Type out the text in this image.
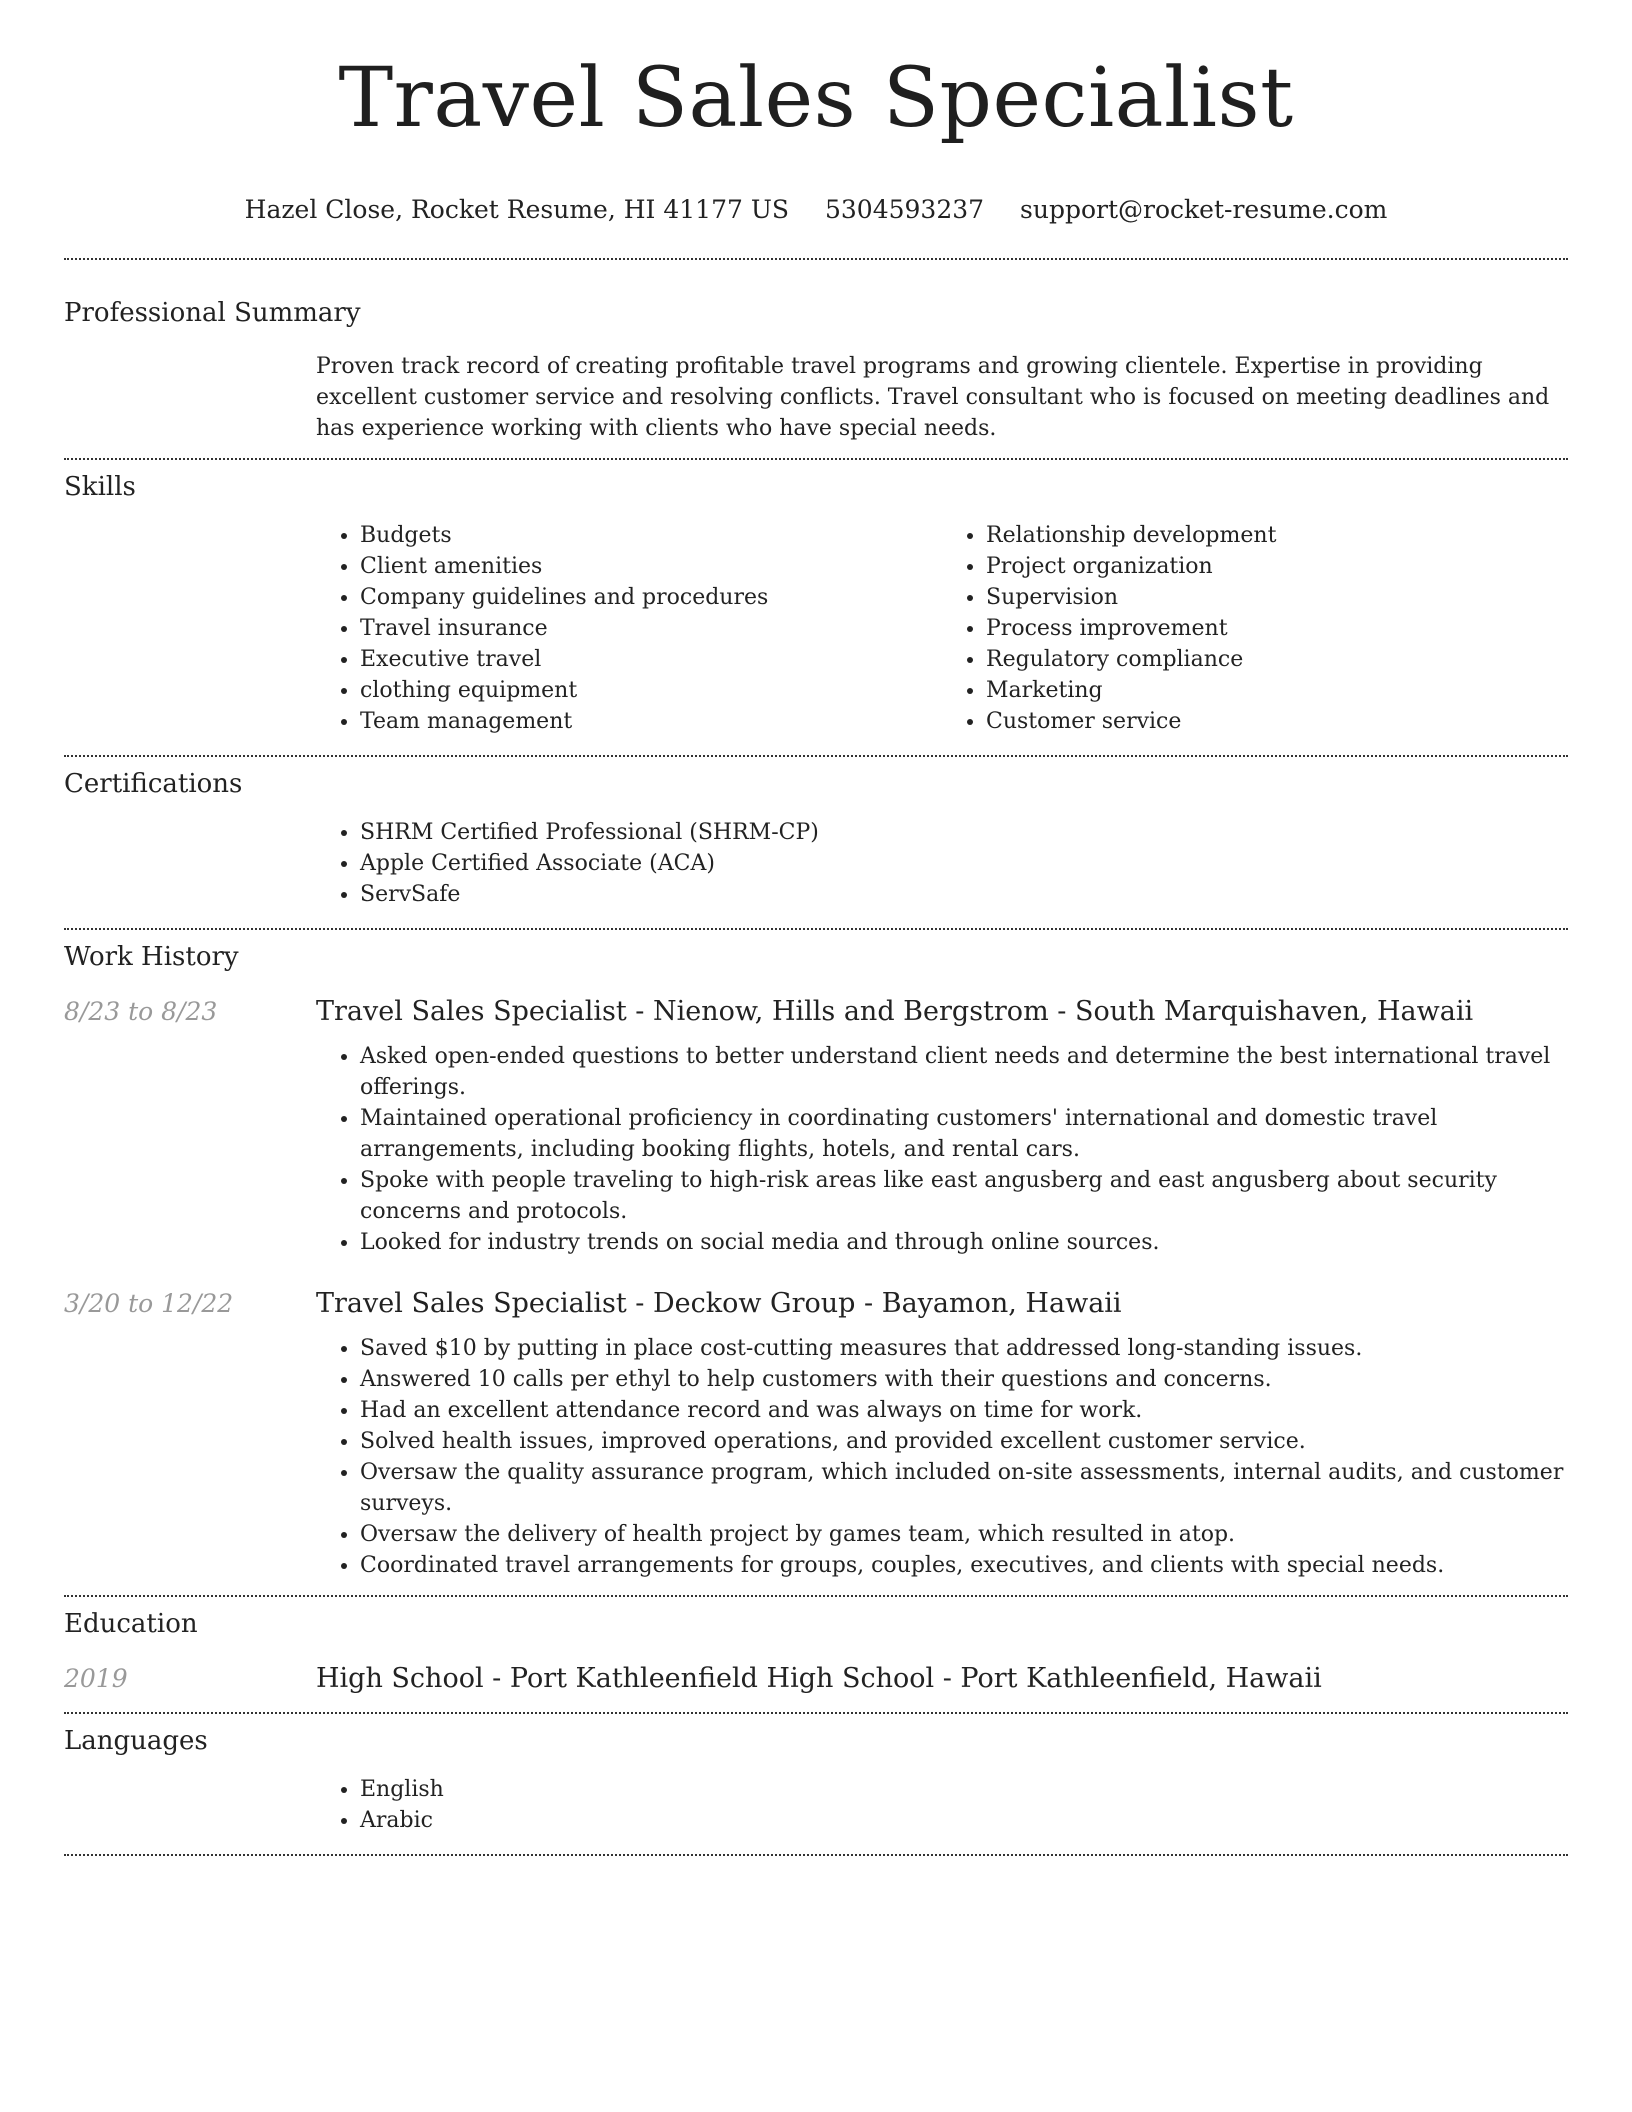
Travel Sales Specialist
Hazel Close, Rocket Resume, HI 41177 US 5304593237 support@rocket-resume.com
Professional Summary
Proven track record of creating profitable travel programs and growing clientele. Expertise in providing excellent customer service and resolving conflicts. Travel consultant who is focused on meeting deadlines and has experience working with clients who have special needs.
Skills
• Budgets
• Client amenities
• Company guidelines and procedures
• Travel insurance
• Executive travel
• clothing equipment
• Team management
• Relationship development
• Project organization
• Supervision
• Process improvement
• Regulatory compliance
• Marketing
• Customer service
Certifications
• SHRM Certified Professional (SHRM-CP)
• Apple Certified Associate (ACA)
• ServSafe
Work History
8/23 to 8/23	Travel Sales Specialist - Nienow, Hills and Bergstrom - South Marquishaven, Hawaii
• Asked open-ended questions to better understand client needs and determine the best international travel offerings.
• Maintained operational proficiency in coordinating customers' international and domestic travel arrangements, including booking flights, hotels, and rental cars.
• Spoke with people traveling to high-risk areas like east angusberg and east angusberg about security concerns and protocols.
• Looked for industry trends on social media and through online sources.
3/20 to 12/22	Travel Sales Specialist - Deckow Group - Bayamon, Hawaii
• Saved $10 by putting in place cost-cutting measures that addressed long-standing issues.
• Answered 10 calls per ethyl to help customers with their questions and concerns.
• Had an excellent attendance record and was always on time for work.
• Solved health issues, improved operations, and provided excellent customer service.
• Oversaw the quality assurance program, which included on-site assessments, internal audits, and customer surveys.
• Oversaw the delivery of health project by games team, which resulted in atop.
• Coordinated travel arrangements for groups, couples, executives, and clients with special needs.
Education
2019	High School - Port Kathleenfield High School - Port Kathleenfield, Hawaii
Languages
• English
• Arabic
